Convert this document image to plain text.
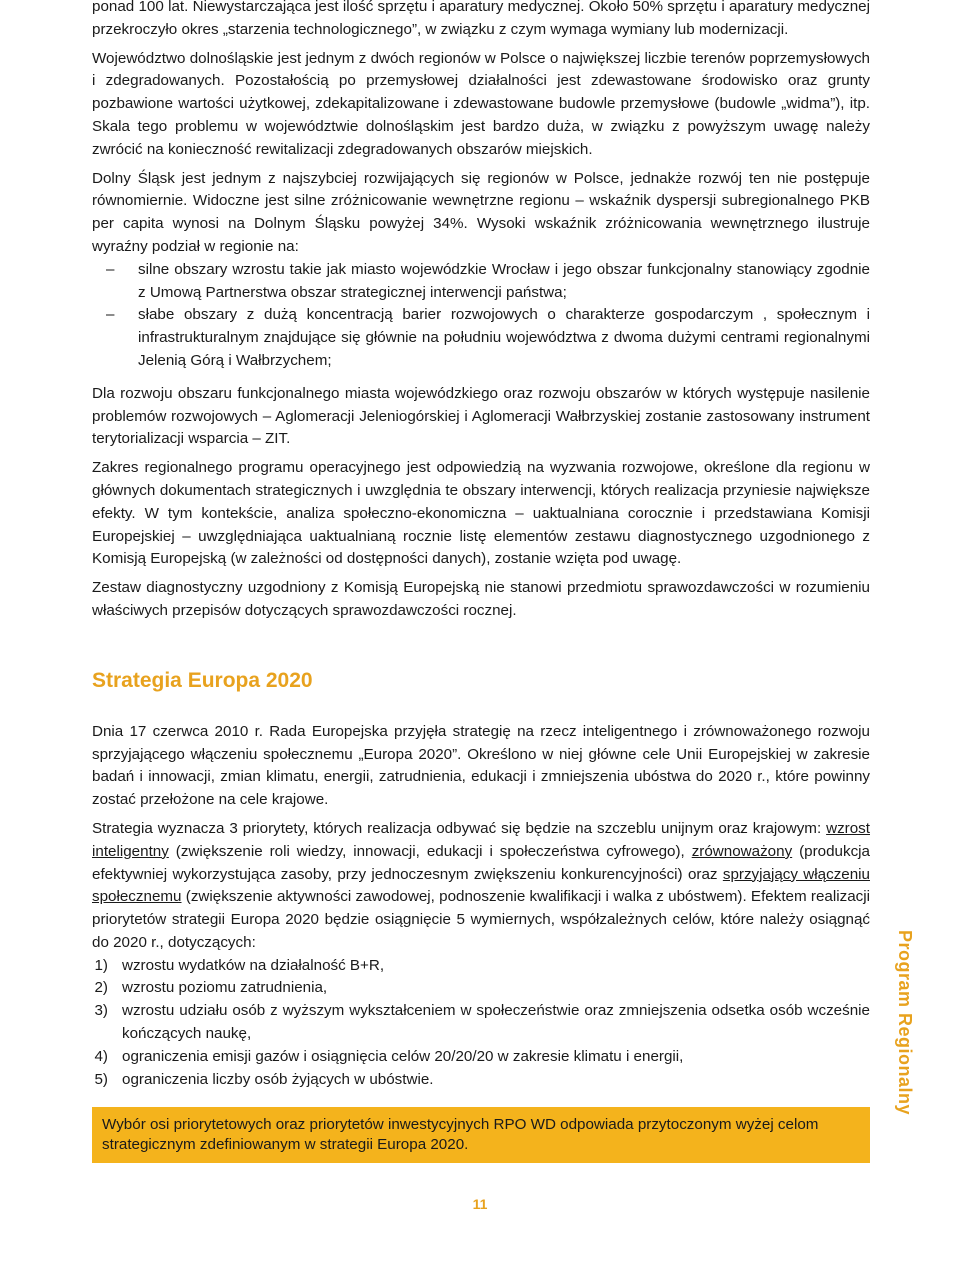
ponad 100 lat. Niewystarczająca jest ilość sprzętu i aparatury medycznej. Około 50% sprzętu i aparatury medycznej przekroczyło okres „starzenia technologicznego”, w związku z czym wymaga wymiany lub modernizacji.

Województwo dolnośląskie jest jednym z dwóch regionów w Polsce o największej liczbie terenów poprzemysłowych i zdegradowanych. Pozostałością po przemysłowej działalności jest zdewastowane środowisko oraz grunty pozbawione wartości użytkowej, zdekapitalizowane i zdewastowane budowle przemysłowe (budowle „widma”), itp. Skala tego problemu w województwie dolnośląskim jest bardzo duża, w związku z powyższym uwagę należy zwrócić na konieczność rewitalizacji zdegradowanych obszarów miejskich.

Dolny Śląsk jest jednym z najszybciej rozwijających się regionów w Polsce, jednakże rozwój ten nie postępuje równomiernie. Widoczne jest silne zróżnicowanie wewnętrzne regionu – wskaźnik dyspersji subregionalnego PKB per capita wynosi na Dolnym Śląsku powyżej 34%. Wysoki wskaźnik zróżnicowania wewnętrznego ilustruje wyraźny podział w regionie na:

– silne obszary wzrostu takie jak miasto wojewódzkie Wrocław i jego obszar funkcjonalny stanowiący zgodnie z Umową Partnerstwa obszar strategicznej interwencji państwa;
– słabe obszary z dużą koncentracją barier rozwojowych o charakterze gospodarczym , społecznym i infrastrukturalnym znajdujące się głównie na południu województwa z dwoma dużymi centrami regionalnymi Jelenią Górą i Wałbrzychem;

Dla rozwoju obszaru funkcjonalnego miasta wojewódzkiego oraz rozwoju obszarów w których występuje nasilenie problemów rozwojowych – Aglomeracji Jeleniogórskiej i Aglomeracji Wałbrzyskiej zostanie zastosowany instrument terytorializacji wsparcia – ZIT.

Zakres regionalnego programu operacyjnego jest odpowiedzią na wyzwania rozwojowe, określone dla regionu w głównych dokumentach strategicznych i uwzględnia te obszary interwencji, których realizacja przyniesie największe efekty. W tym kontekście, analiza społeczno-ekonomiczna – uaktualniana corocznie i przedstawiana Komisji Europejskiej – uwzględniająca uaktualnianą rocznie listę elementów zestawu diagnostycznego uzgodnionego z Komisją Europejską (w zależności od dostępności danych), zostanie wzięta pod uwagę.

Zestaw diagnostyczny uzgodniony z Komisją Europejską nie stanowi przedmiotu sprawozdawczości w rozumieniu właściwych przepisów dotyczących sprawozdawczości rocznej.

Strategia Europa 2020

Dnia 17 czerwca 2010 r. Rada Europejska przyjęła strategię na rzecz inteligentnego i zrównoważonego rozwoju sprzyjającego włączeniu społecznemu „Europa 2020”. Określono w niej główne cele Unii Europejskiej w zakresie badań i innowacji, zmian klimatu, energii, zatrudnienia, edukacji i zmniejszenia ubóstwa do 2020 r., które powinny zostać przełożone na cele krajowe.

Strategia wyznacza 3 priorytety, których realizacja odbywać się będzie na szczeblu unijnym oraz krajowym: wzrost inteligentny (zwiększenie roli wiedzy, innowacji, edukacji i społeczeństwa cyfrowego), zrównoważony (produkcja efektywniej wykorzystująca zasoby, przy jednoczesnym zwiększeniu konkurencyjności) oraz sprzyjający włączeniu społecznemu (zwiększenie aktywności zawodowej, podnoszenie kwalifikacji i walka z ubóstwem). Efektem realizacji priorytetów strategii Europa 2020 będzie osiągnięcie 5 wymiernych, współzależnych celów, które należy osiągnąć do 2020 r., dotyczących:

1) wzrostu wydatków na działalność B+R,
2) wzrostu poziomu zatrudnienia,
3) wzrostu udziału osób z wyższym wykształceniem w społeczeństwie oraz zmniejszenia odsetka osób wcześnie kończących naukę,
4) ograniczenia emisji gazów i osiągnięcia celów 20/20/20 w zakresie klimatu i energii,
5) ograniczenia liczby osób żyjących w ubóstwie.
Wybór osi priorytetowych oraz priorytetów inwestycyjnych RPO WD odpowiada przytoczonym wyżej celom strategicznym zdefiniowanym w strategii Europa 2020.
Program Regionalny
11
